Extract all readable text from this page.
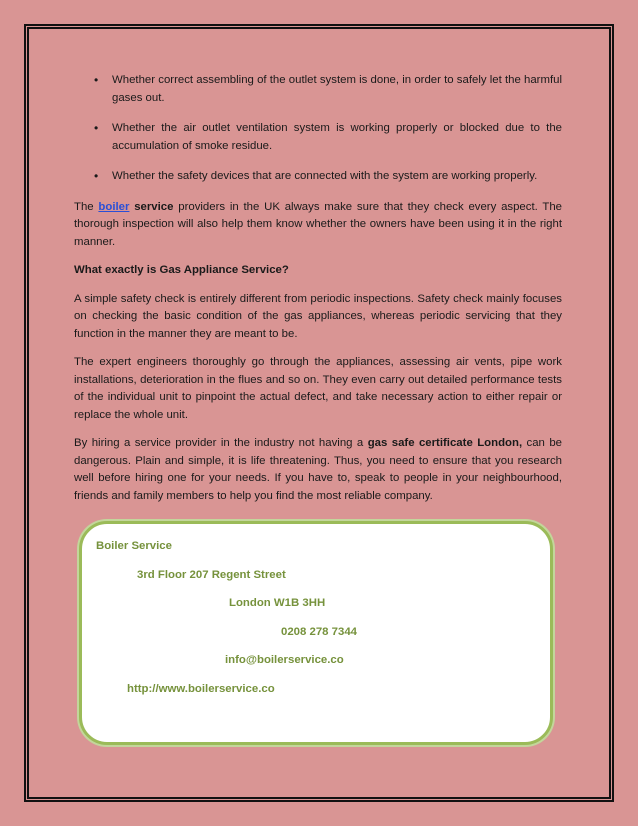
• Whether correct assembling of the outlet system is done, in order to safely let the harmful gases out.
• Whether the air outlet ventilation system is working properly or blocked due to the accumulation of smoke residue.
• Whether the safety devices that are connected with the system are working properly.

The boiler service providers in the UK always make sure that they check every aspect. The thorough inspection will also help them know whether the owners have been using it in the right manner.

What exactly is Gas Appliance Service?

A simple safety check is entirely different from periodic inspections. Safety check mainly focuses on checking the basic condition of the gas appliances, whereas periodic servicing that they function in the manner they are meant to be.

The expert engineers thoroughly go through the appliances, assessing air vents, pipe work installations, deterioration in the flues and so on. They even carry out detailed performance tests of the individual unit to pinpoint the actual defect, and take necessary action to either repair or replace the whole unit.

By hiring a service provider in the industry not having a gas safe certificate London, can be dangerous. Plain and simple, it is life threatening. Thus, you need to ensure that you research well before hiring one for your needs. If you have to, speak to people in your neighbourhood, friends and family members to help you find the most reliable company.

Boiler Service
3rd Floor 207 Regent Street
London W1B 3HH
0208 278 7344
info@boilerservice.co
http://www.boilerservice.co
